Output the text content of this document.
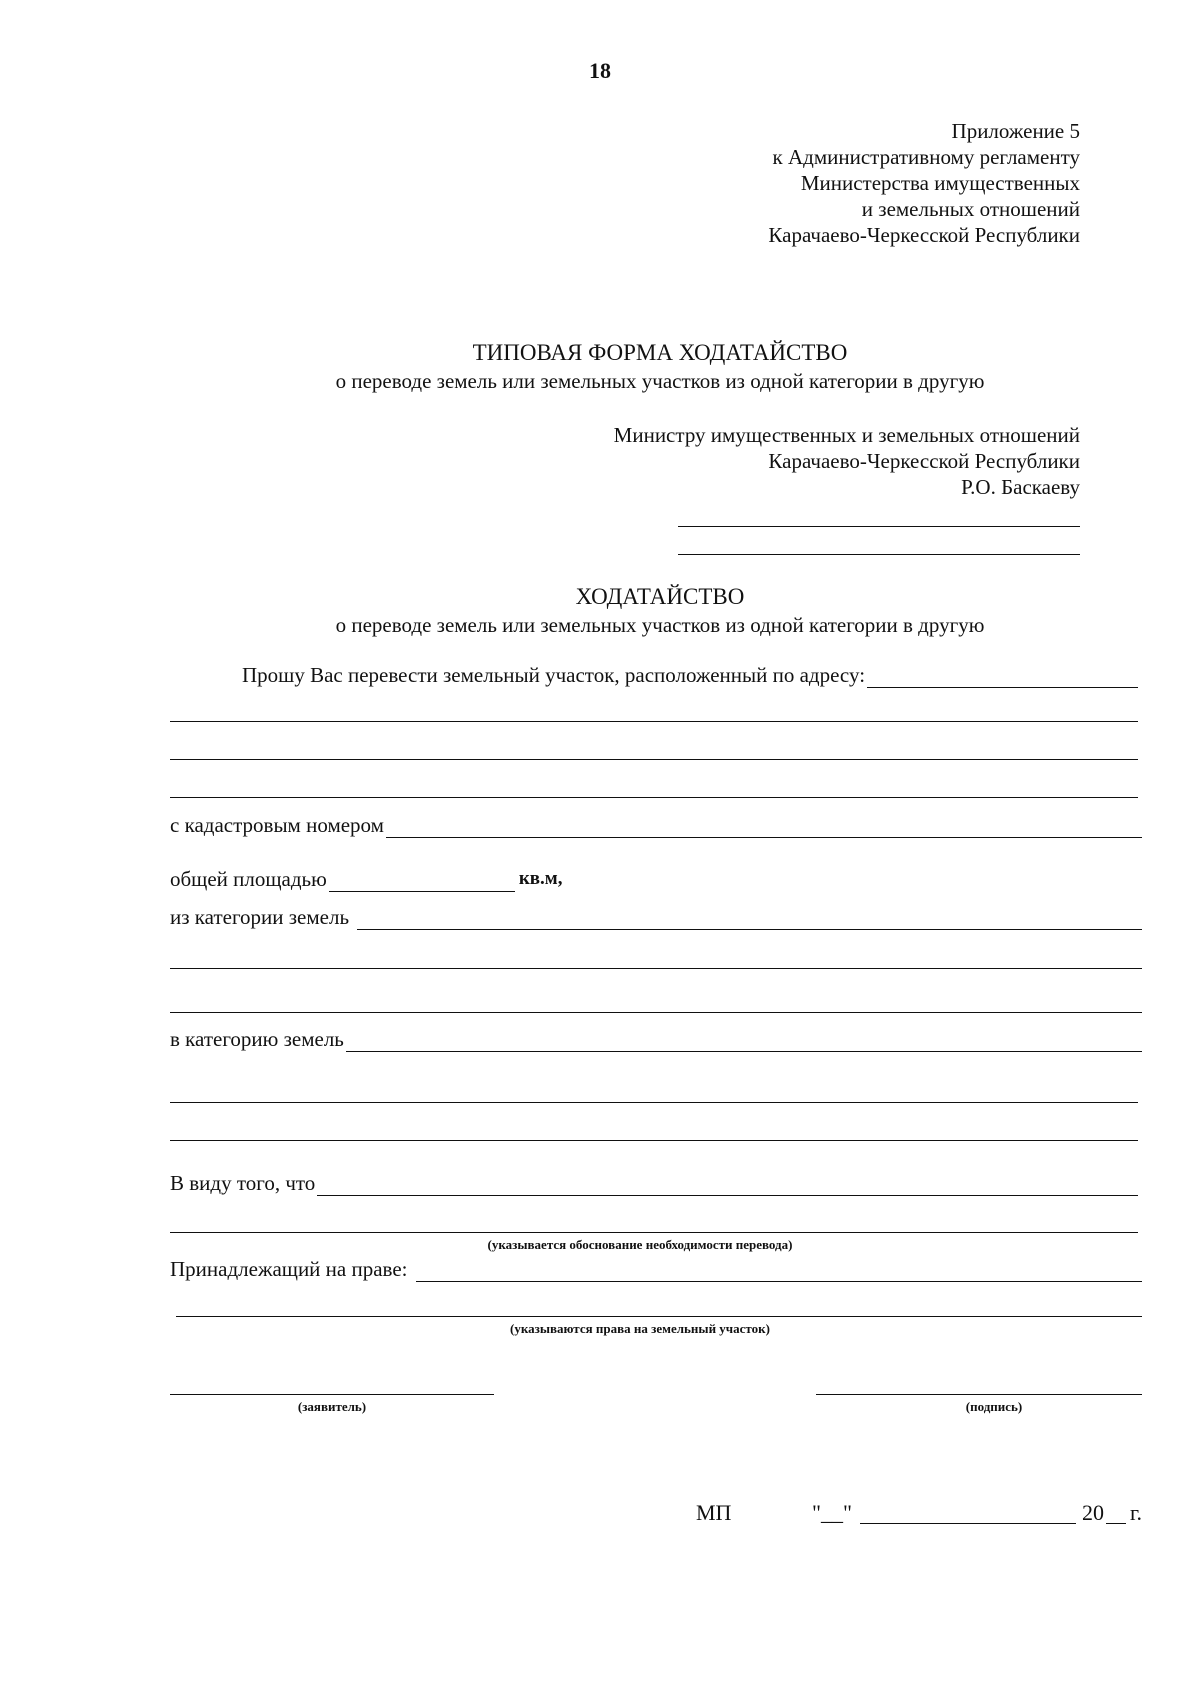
18
Приложение 5
к Административному регламенту
Министерства имущественных
и земельных отношений
Карачаево-Черкесской Республики
ТИПОВАЯ ФОРМА ХОДАТАЙСТВО
о переводе земель или земельных участков из одной категории в другую
Министру имущественных и земельных отношений
Карачаево-Черкесской Республики
Р.О. Баскаеву
ХОДАТАЙСТВО
о переводе земель или земельных участков из одной категории в другую
Прошу Вас перевести земельный участок, расположенный по адресу:
с кадастровым номером
общей площадью	кв.м,
из категории земель
в категорию земель
В виду того, что
(указывается обоснование необходимости перевода)
Принадлежащий на праве:
(указываются права на земельный участок)
(заявитель)	(подпись)
МП	"__"	20 г.
